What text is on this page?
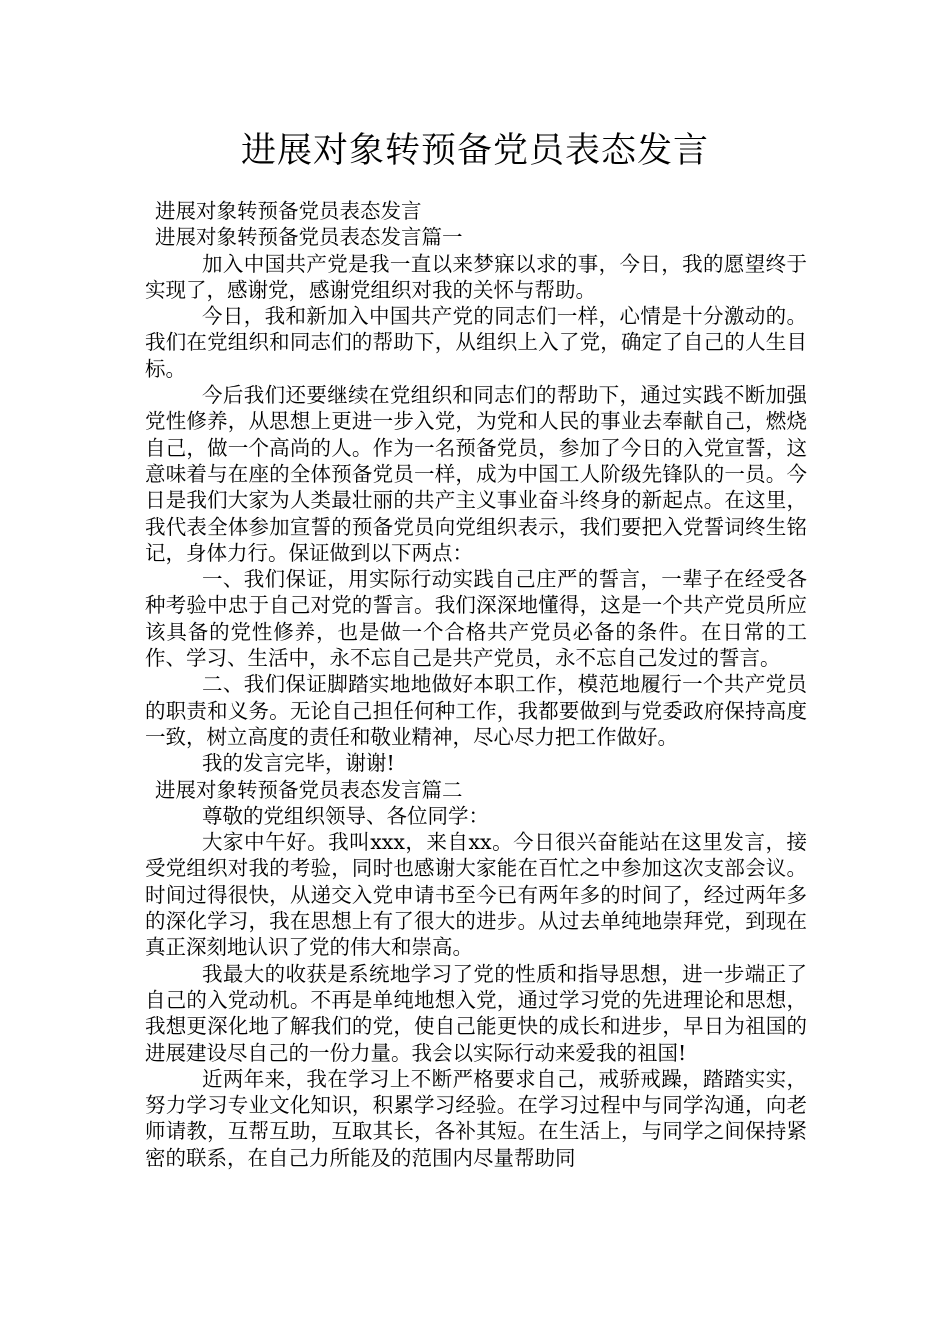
进展对象转预备党员表态发言

进展对象转预备党员表态发言

进展对象转预备党员表态发言篇一

加入中国共产党是我一直以来梦寐以求的事，今日，我的愿望终于实现了，感谢党，感谢党组织对我的关怀与帮助。

今日，我和新加入中国共产党的同志们一样，心情是十分激动的。我们在党组织和同志们的帮助下，从组织上入了党，确定了自己的人生目标。

今后我们还要继续在党组织和同志们的帮助下，通过实践不断加强党性修养，从思想上更进一步入党，为党和人民的事业去奉献自己，燃烧自己，做一个高尚的人。作为一名预备党员，参加了今日的入党宣誓，这意味着与在座的全体预备党员一样，成为中国工人阶级先锋队的一员。今日是我们大家为人类最壮丽的共产主义事业奋斗终身的新起点。在这里，我代表全体参加宣誓的预备党员向党组织表示，我们要把入党誓词终生铭记，身体力行。保证做到以下两点：

一、我们保证，用实际行动实践自己庄严的誓言，一辈子在经受各种考验中忠于自己对党的誓言。我们深深地懂得，这是一个共产党员所应该具备的党性修养，也是做一个合格共产党员必备的条件。在日常的工作、学习、生活中，永不忘自己是共产党员，永不忘自己发过的誓言。

二、我们保证脚踏实地地做好本职工作，模范地履行一个共产党员的职责和义务。无论自己担任何种工作，我都要做到与党委政府保持高度一致，树立高度的责任和敬业精神，尽心尽力把工作做好。

我的发言完毕，谢谢!

进展对象转预备党员表态发言篇二

尊敬的党组织领导、各位同学：

大家中午好。我叫xxx，来自xx。今日很兴奋能站在这里发言，接受党组织对我的考验，同时也感谢大家能在百忙之中参加这次支部会议。时间过得很快，从递交入党申请书至今已有两年多的时间了，经过两年多的深化学习，我在思想上有了很大的进步。从过去单纯地崇拜党，到现在真正深刻地认识了党的伟大和崇高。

我最大的收获是系统地学习了党的性质和指导思想，进一步端正了自己的入党动机。不再是单纯地想入党，通过学习党的先进理论和思想，我想更深化地了解我们的党，使自己能更快的成长和进步，早日为祖国的进展建设尽自己的一份力量。我会以实际行动来爱我的祖国!

近两年来，我在学习上不断严格要求自己，戒骄戒躁，踏踏实实，努力学习专业文化知识，积累学习经验。在学习过程中与同学沟通，向老师请教，互帮互助，互取其长，各补其短。在生活上，与同学之间保持紧密的联系，在自己力所能及的范围内尽量帮助同
